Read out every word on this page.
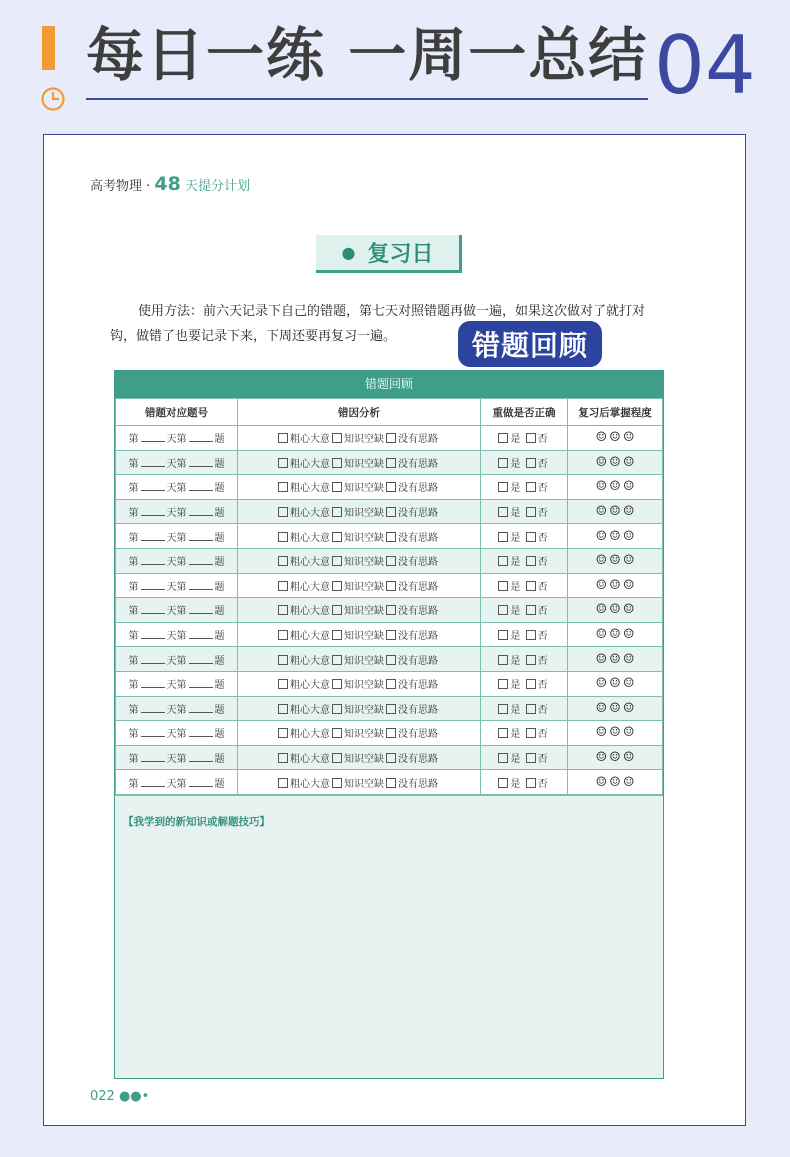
每日一练 一周一总结 04
高考物理 · 48 天提分计划
● 复习日
使用方法：前六天记录下自己的错题，第七天对照错题再做一遍，如果这次做对了就打对钩，做错了也要记录下来，下周还要再复习一遍。	错题回顾
错题回顾
错题对应题号	错因分析	重做是否正确	复习后掌握程度
第 天第 题	粗心大意 知识空缺 没有思路	是 否	☺ ☺ ☺
第 天第 题	粗心大意 知识空缺 没有思路	是 否	☺ ☺ ☺
第 天第 题	粗心大意 知识空缺 没有思路	是 否	☺ ☺ ☺
第 天第 题	粗心大意 知识空缺 没有思路	是 否	☺ ☺ ☺
第 天第 题	粗心大意 知识空缺 没有思路	是 否	☺ ☺ ☺
第 天第 题	粗心大意 知识空缺 没有思路	是 否	☺ ☺ ☺
第 天第 题	粗心大意 知识空缺 没有思路	是 否	☺ ☺ ☺
第 天第 题	粗心大意 知识空缺 没有思路	是 否	☺ ☺ ☺
第 天第 题	粗心大意 知识空缺 没有思路	是 否	☺ ☺ ☺
第 天第 题	粗心大意 知识空缺 没有思路	是 否	☺ ☺ ☺
第 天第 题	粗心大意 知识空缺 没有思路	是 否	☺ ☺ ☺
第 天第 题	粗心大意 知识空缺 没有思路	是 否	☺ ☺ ☺
第 天第 题	粗心大意 知识空缺 没有思路	是 否	☺ ☺ ☺
第 天第 题	粗心大意 知识空缺 没有思路	是 否	☺ ☺ ☺
第 天第 题	粗心大意 知识空缺 没有思路	是 否	☺ ☺ ☺
【我学到的新知识或解题技巧】
022 ●●•
